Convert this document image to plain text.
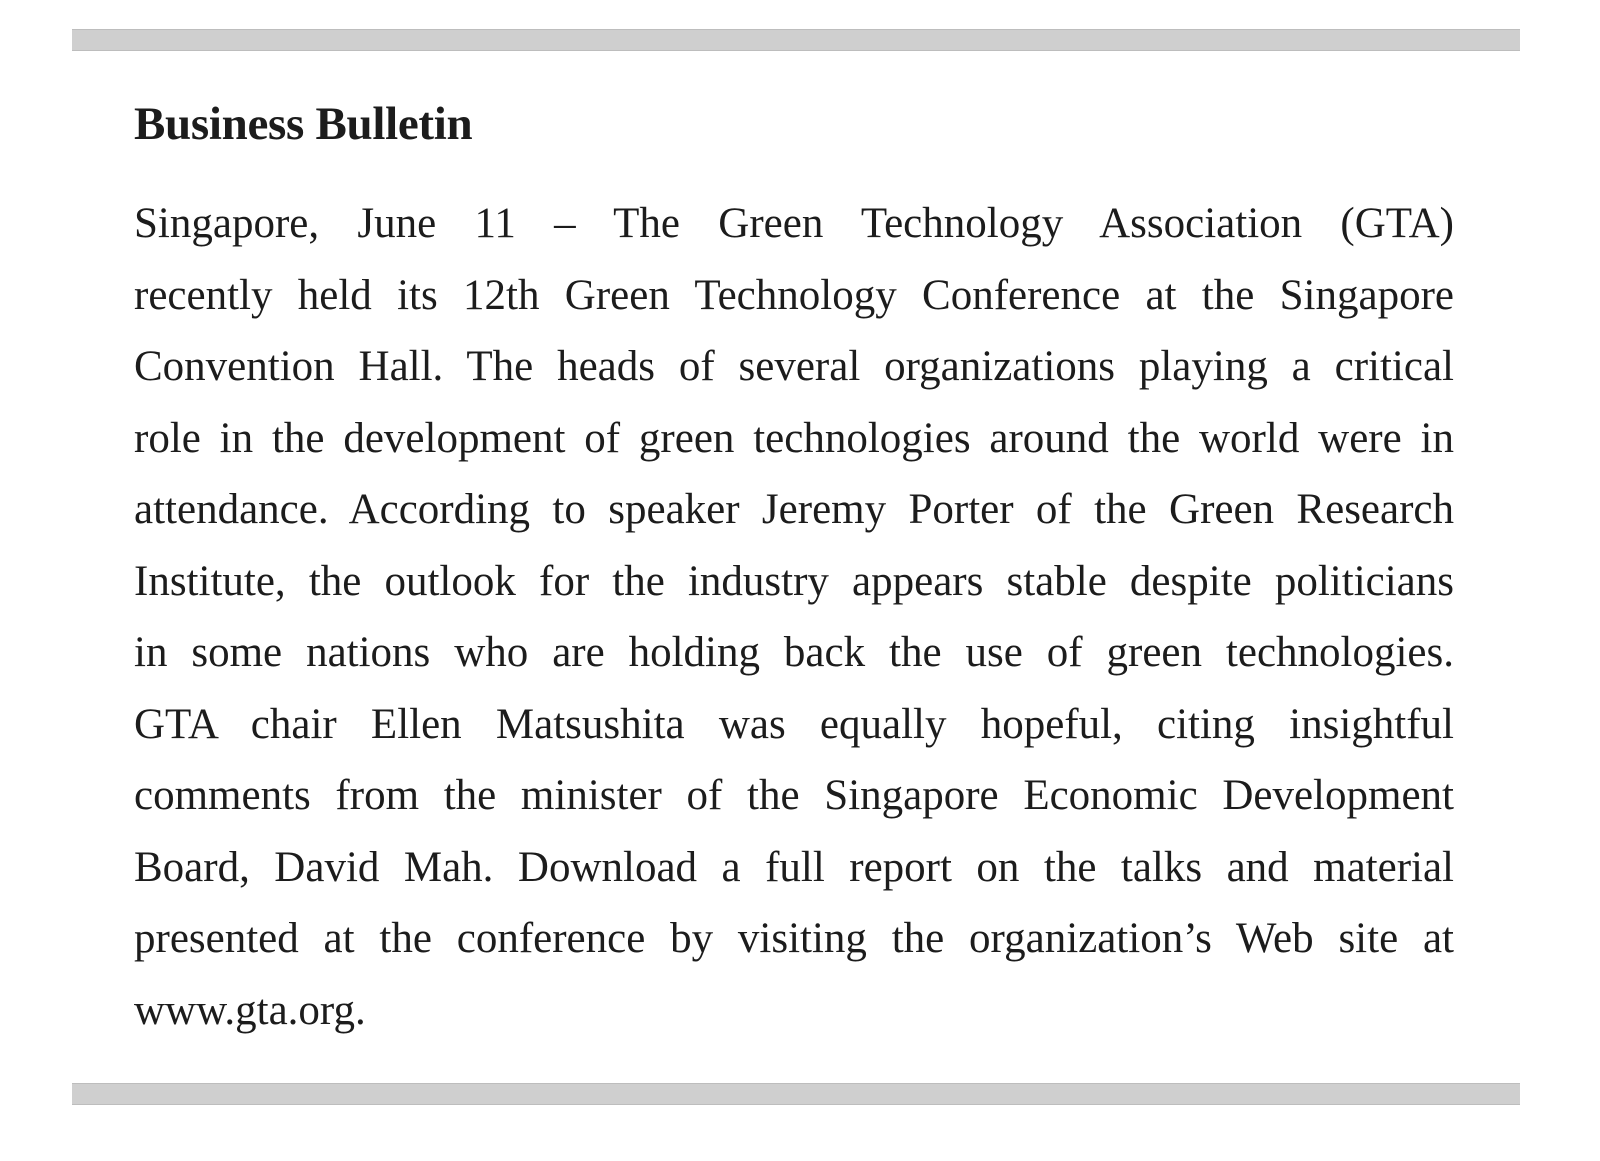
Business Bulletin
Singapore, June 11 – The Green Technology Association (GTA)
recently held its 12th Green Technology Conference at the Singapore
Convention Hall. The heads of several organizations playing a critical
role in the development of green technologies around the world were in
attendance. According to speaker Jeremy Porter of the Green Research
Institute, the outlook for the industry appears stable despite politicians
in some nations who are holding back the use of green technologies.
GTA chair Ellen Matsushita was equally hopeful, citing insightful
comments from the minister of the Singapore Economic Development
Board, David Mah. Download a full report on the talks and material
presented at the conference by visiting the organization’s Web site at
www.gta.org.
